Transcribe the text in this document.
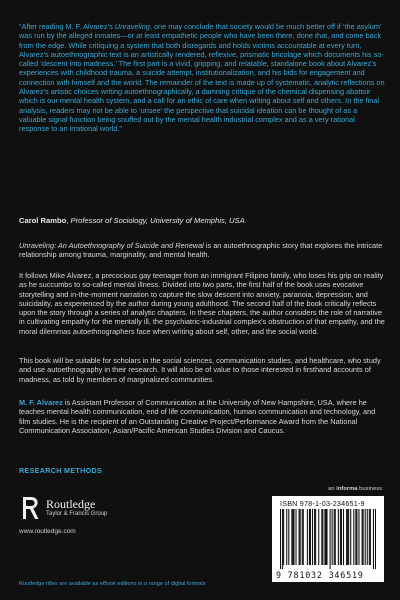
“After reading M. F. Alvarez’s Unraveling, one may conclude that society would be much better off if ‘the asylum’ was run by the alleged inmates—or at least empathetic people who have been there, done that, and come back from the edge. While critiquing a system that both disregards and holds victims accountable at every turn, Alvarez’s autoethnographic text is an artistically rendered, reflexive, prismatic bricolage which documents his so-called ‘descent into madness.’ The first part is a vivid, gripping, and relatable, standalone book about Alvarez’s experiences with childhood trauma, a suicide attempt, institutionalization, and his bids for engagement and connection with himself and the world. The remainder of the text is made up of systematic, analytic reflections on Alvarez’s artistic choices writing autoethnographically, a damning critique of the chemical dispensing abattoir which is our mental health system, and a call for an ethic of care when writing about self and others. In the final analysis, readers may not be able to ‘unsee’ the perspective that suicidal ideation can be thought of as a valuable signal function being snuffed out by the mental health industrial complex and as a very rational response to an irrational world.”
Carol Rambo, Professor of Sociology, University of Memphis, USA
Unraveling: An Autoethnography of Suicide and Renewal is an autoethnographic story that explores the intricate relationship among trauma, marginality, and mental health.
It follows Mike Alvarez, a precocious gay teenager from an immigrant Filipino family, who loses his grip on reality as he succumbs to so-called mental illness. Divided into two parts, the first half of the book uses evocative storytelling and in-the-moment narration to capture the slow descent into anxiety, paranoia, depression, and suicidality, as experienced by the author during young adulthood. The second half of the book critically reflects upon the story through a series of analytic chapters. In these chapters, the author considers the role of narrative in cultivating empathy for the mentally ill, the psychiatric-industrial complex’s obstruction of that empathy, and the moral dilemmas autoethnographers face when writing about self, other, and the social world.
This book will be suitable for scholars in the social sciences, communication studies, and healthcare, who study and use autoethnography in their research. It will also be of value to those interested in firsthand accounts of madness, as told by members of marginalized communities.
M. F. Alvarez is Assistant Professor of Communication at the University of New Hampshire, USA, where he teaches mental health communication, end of life communication, human communication and technology, and film studies. He is the recipient of an Outstanding Creative Project/Performance Award from the National Communication Association, Asian/Pacific American Studies Division and Caucus.
RESEARCH METHODS
Routledge
Taylor & Francis Group
www.routledge.com
Routledge titles are available as eBook editions in a range of digital formats
an informa business
ISBN 978-1-03-234651-9
9 781032 346519
